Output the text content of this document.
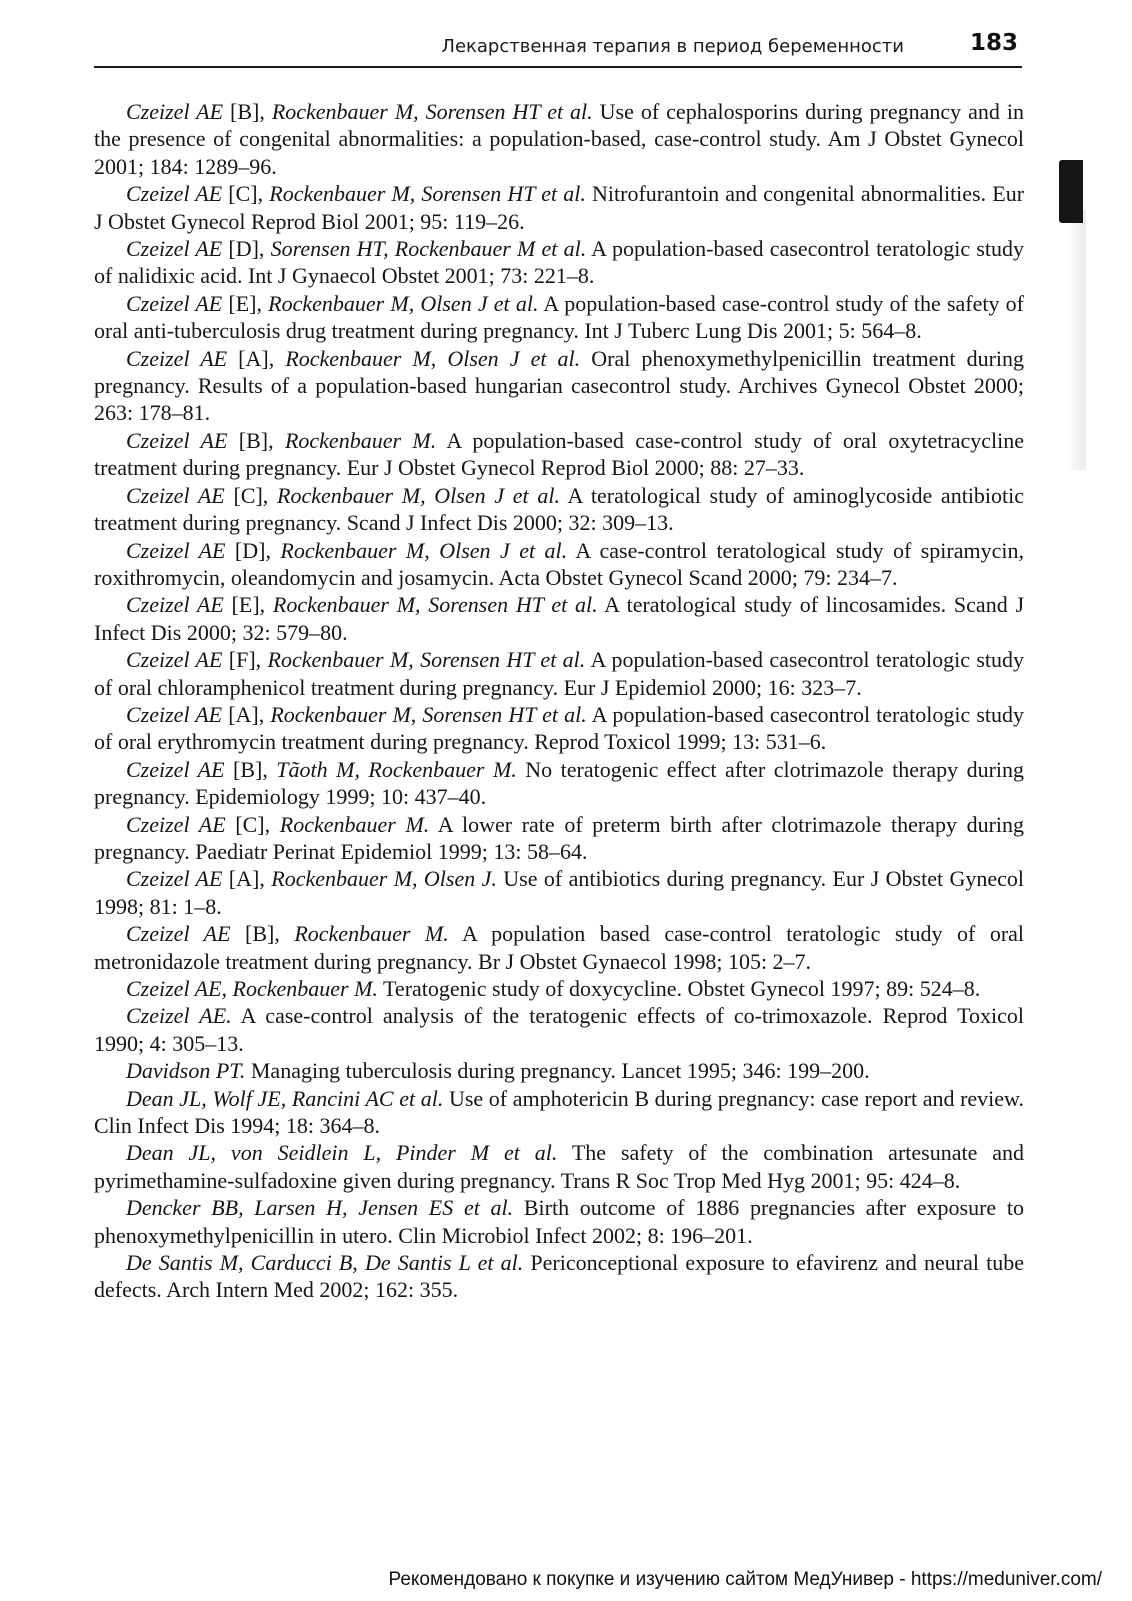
Лекарственная терапия в период беременности	183

Czeizel AE [B], Rockenbauer M, Sorensen HT et al. Use of cephalosporins during pregnancy and in the presence of congenital abnormalities: a population-based, case-control study. Am J Obstet Gynecol 2001; 184: 1289–96.

Czeizel AE [C], Rockenbauer M, Sorensen HT et al. Nitrofurantoin and congenital abnormalities. Eur J Obstet Gynecol Reprod Biol 2001; 95: 119–26.

Czeizel AE [D], Sorensen HT, Rockenbauer M et al. A population-based casecontrol teratologic study of nalidixic acid. Int J Gynaecol Obstet 2001; 73: 221–8.

Czeizel AE [E], Rockenbauer M, Olsen J et al. A population-based case-control study of the safety of oral anti-tuberculosis drug treatment during pregnancy. Int J Tuberc Lung Dis 2001; 5: 564–8.

Czeizel AE [A], Rockenbauer M, Olsen J et al. Oral phenoxymethylpenicillin treatment during pregnancy. Results of a population-based hungarian casecontrol study. Archives Gynecol Obstet 2000; 263: 178–81.

Czeizel AE [B], Rockenbauer M. A population-based case-control study of oral oxytetracycline treatment during pregnancy. Eur J Obstet Gynecol Reprod Biol 2000; 88: 27–33.

Czeizel AE [C], Rockenbauer M, Olsen J et al. A teratological study of aminoglycoside antibiotic treatment during pregnancy. Scand J Infect Dis 2000; 32: 309–13.

Czeizel AE [D], Rockenbauer M, Olsen J et al. A case-control teratological study of spiramycin, roxithromycin, oleandomycin and josamycin. Acta Obstet Gynecol Scand 2000; 79: 234–7.

Czeizel AE [E], Rockenbauer M, Sorensen HT et al. A teratological study of lincosamides. Scand J Infect Dis 2000; 32: 579–80.

Czeizel AE [F], Rockenbauer M, Sorensen HT et al. A population-based casecontrol teratologic study of oral chloramphenicol treatment during pregnancy. Eur J Epidemiol 2000; 16: 323–7.

Czeizel AE [A], Rockenbauer M, Sorensen HT et al. A population-based casecontrol teratologic study of oral erythromycin treatment during pregnancy. Reprod Toxicol 1999; 13: 531–6.

Czeizel AE [B], Tãoth M, Rockenbauer M. No teratogenic effect after clotrimazole therapy during pregnancy. Epidemiology 1999; 10: 437–40.

Czeizel AE [C], Rockenbauer M. A lower rate of preterm birth after clotrimazole therapy during pregnancy. Paediatr Perinat Epidemiol 1999; 13: 58–64.

Czeizel AE [A], Rockenbauer M, Olsen J. Use of antibiotics during pregnancy. Eur J Obstet Gynecol 1998; 81: 1–8.

Czeizel AE [B], Rockenbauer M. A population based case-control teratologic study of oral metronidazole treatment during pregnancy. Br J Obstet Gynaecol 1998; 105: 2–7.

Czeizel AE, Rockenbauer M. Teratogenic study of doxycycline. Obstet Gynecol 1997; 89: 524–8.

Czeizel AE. A case-control analysis of the teratogenic effects of co-trimoxazole. Reprod Toxicol 1990; 4: 305–13.

Davidson PT. Managing tuberculosis during pregnancy. Lancet 1995; 346: 199–200.

Dean JL, Wolf JE, Rancini AC et al. Use of amphotericin B during pregnancy: case report and review. Clin Infect Dis 1994; 18: 364–8.

Dean JL, von Seidlein L, Pinder M et al. The safety of the combination artesunate and pyrimethamine-sulfadoxine given during pregnancy. Trans R Soc Trop Med Hyg 2001; 95: 424–8.

Dencker BB, Larsen H, Jensen ES et al. Birth outcome of 1886 pregnancies after exposure to phenoxymethylpenicillin in utero. Clin Microbiol Infect 2002; 8: 196–201.

De Santis M, Carducci B, De Santis L et al. Periconceptional exposure to efavirenz and neural tube defects. Arch Intern Med 2002; 162: 355.

Рекомендовано к покупке и изучению сайтом МедУнивер - https://meduniver.com/
